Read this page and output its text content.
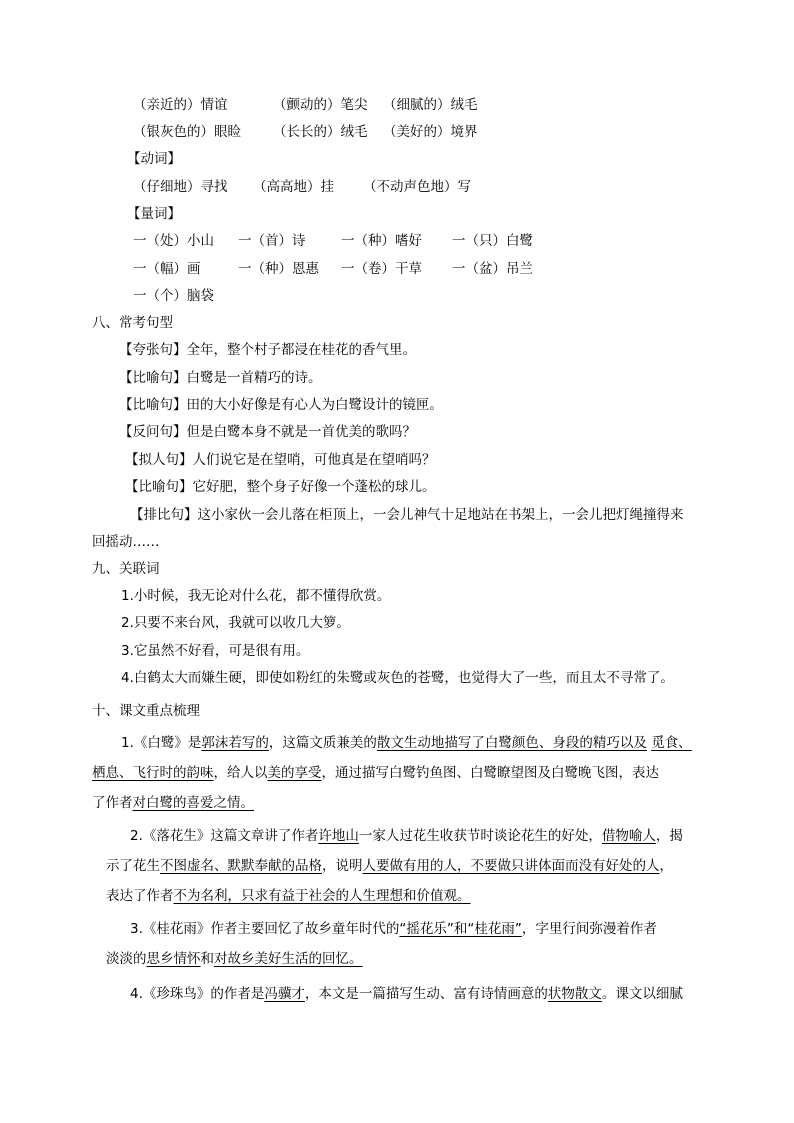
（亲近的）情谊	（颤动的）笔尖 （细腻的）绒毛
（银灰色的）眼睑 （长长的）绒毛 （美好的）境界
【动词】
（仔细地）寻找 （高高地）挂 （不动声色地）写
【量词】
一（处）小山 一（首）诗	一（种）嗜好 一（只）白鹭
一（幅）画	一（种）恩惠 一（卷）干草 一（盆）吊兰
一（个）脑袋
八、常考句型
【夸张句】全年，整个村子都浸在桂花的香气里。
【比喻句】白鹭是一首精巧的诗。
【比喻句】田的大小好像是有心人为白鹭设计的镜匣。
【反问句】但是白鹭本身不就是一首优美的歌吗？
【拟人句】人们说它是在望哨，可他真是在望哨吗？
【比喻句】它好肥，整个身子好像一个蓬松的球儿。
【排比句】这小家伙一会儿落在柜顶上，一会儿神气十足地站在书架上，一会儿把灯绳撞得来
回摇动……
九、关联词
1.小时候，我无论对什么花，都不懂得欣赏。
2.只要不来台风，我就可以收几大箩。
3.它虽然不好看，可是很有用。
4.白鹤太大而嫌生硬，即使如粉红的朱鹭或灰色的苍鹭，也觉得大了一些，而且太不寻常了。
十、课文重点梳理
1.《白鹭》是郭沫若写的，这篇文质兼美的散文生动地描写了白鹭颜色、身段的精巧以及 觅食、
栖息、飞行时的韵味，给人以美的享受，通过描写白鹭钓鱼图、白鹭瞭望图及白鹭晚飞图，表达
了作者对白鹭的喜爱之情。
2.《落花生》这篇文章讲了作者许地山一家人过花生收获节时谈论花生的好处，借物喻人，揭
示了花生不图虚名、默默奉献的品格，说明人要做有用的人，不要做只讲体面而没有好处的人，
表达了作者不为名利，只求有益于社会的人生理想和价值观。
3.《桂花雨》作者主要回忆了故乡童年时代的“摇花乐”和“桂花雨”，字里行间弥漫着作者
淡淡的思乡情怀和对故乡美好生活的回忆。
4.《珍珠鸟》的作者是冯骥才，本文是一篇描写生动、富有诗情画意的状物散文。课文以细腻
